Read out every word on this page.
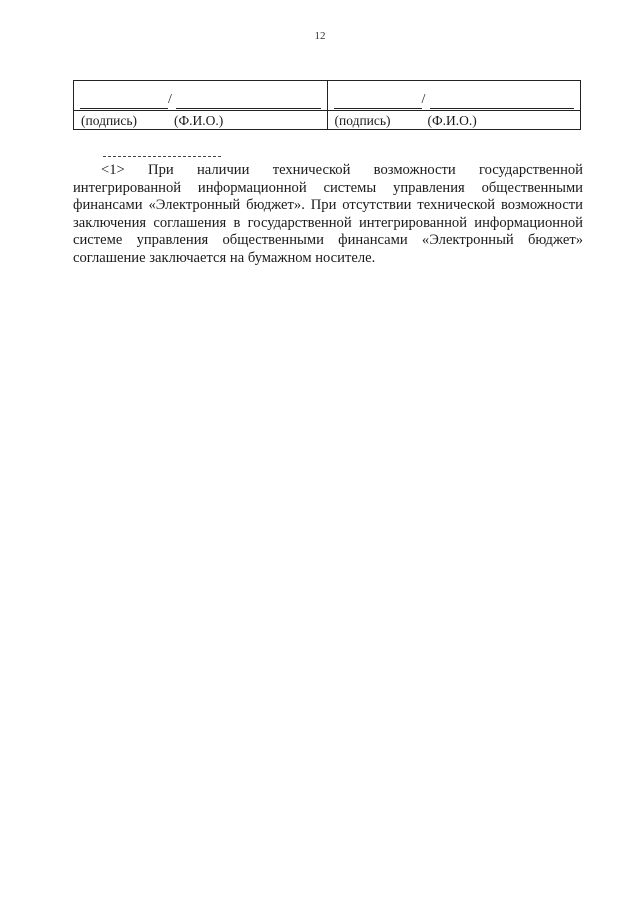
12
/
(подпись)	(Ф.И.О.)
/
(подпись)	(Ф.И.О.)

<1> При наличии технической возможности государственной интегрированной информационной системы управления общественными финансами «Электронный бюджет». При отсутствии технической возможности заключения соглашения в государственной интегрированной информационной системе управления общественными финансами «Электронный бюджет» соглашение заключается на бумажном носителе.
